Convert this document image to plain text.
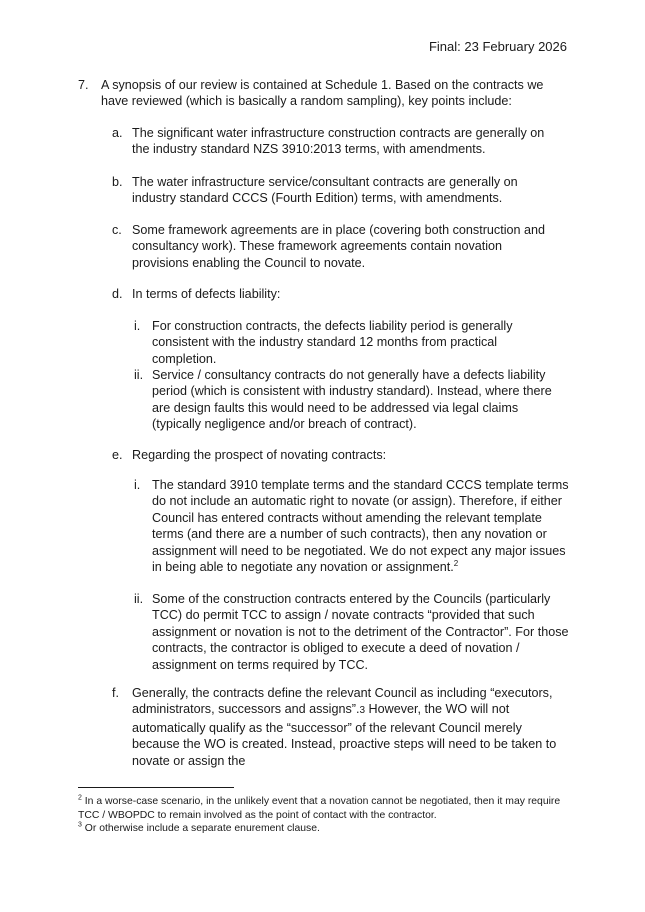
Final: 23 February 2026
7. A synopsis of our review is contained at Schedule 1. Based on the contracts we have reviewed (which is basically a random sampling), key points include:
a. The significant water infrastructure construction contracts are generally on the industry standard NZS 3910:2013 terms, with amendments.
b. The water infrastructure service/consultant contracts are generally on industry standard CCCS (Fourth Edition) terms, with amendments.
c. Some framework agreements are in place (covering both construction and consultancy work). These framework agreements contain novation provisions enabling the Council to novate.
d. In terms of defects liability:
i. For construction contracts, the defects liability period is generally consistent with the industry standard 12 months from practical completion.
ii. Service / consultancy contracts do not generally have a defects liability period (which is consistent with industry standard). Instead, where there are design faults this would need to be addressed via legal claims (typically negligence and/or breach of contract).
e. Regarding the prospect of novating contracts:
i. The standard 3910 template terms and the standard CCCS template terms do not include an automatic right to novate (or assign). Therefore, if either Council has entered contracts without amending the relevant template terms (and there are a number of such contracts), then any novation or assignment will need to be negotiated. We do not expect any major issues in being able to negotiate any novation or assignment.$^2$
ii. Some of the construction contracts entered by the Councils (particularly TCC) do permit TCC to assign / novate contracts “provided that such assignment or novation is not to the detriment of the Contractor”. For those contracts, the contractor is obliged to execute a deed of novation / assignment on terms required by TCC.
f. Generally, the contracts define the relevant Council as including “executors, administrators, successors and assigns”.3 However, the WO will not automatically qualify as the “successor” of the relevant Council merely because the WO is created. Instead, proactive steps will need to be taken to novate or assign the
$^2$ In a worse-case scenario, in the unlikely event that a novation cannot be negotiated, then it may require TCC / WBOPDC to remain involved as the point of contact with the contractor.
$^3$ Or otherwise include a separate enurement clause.
